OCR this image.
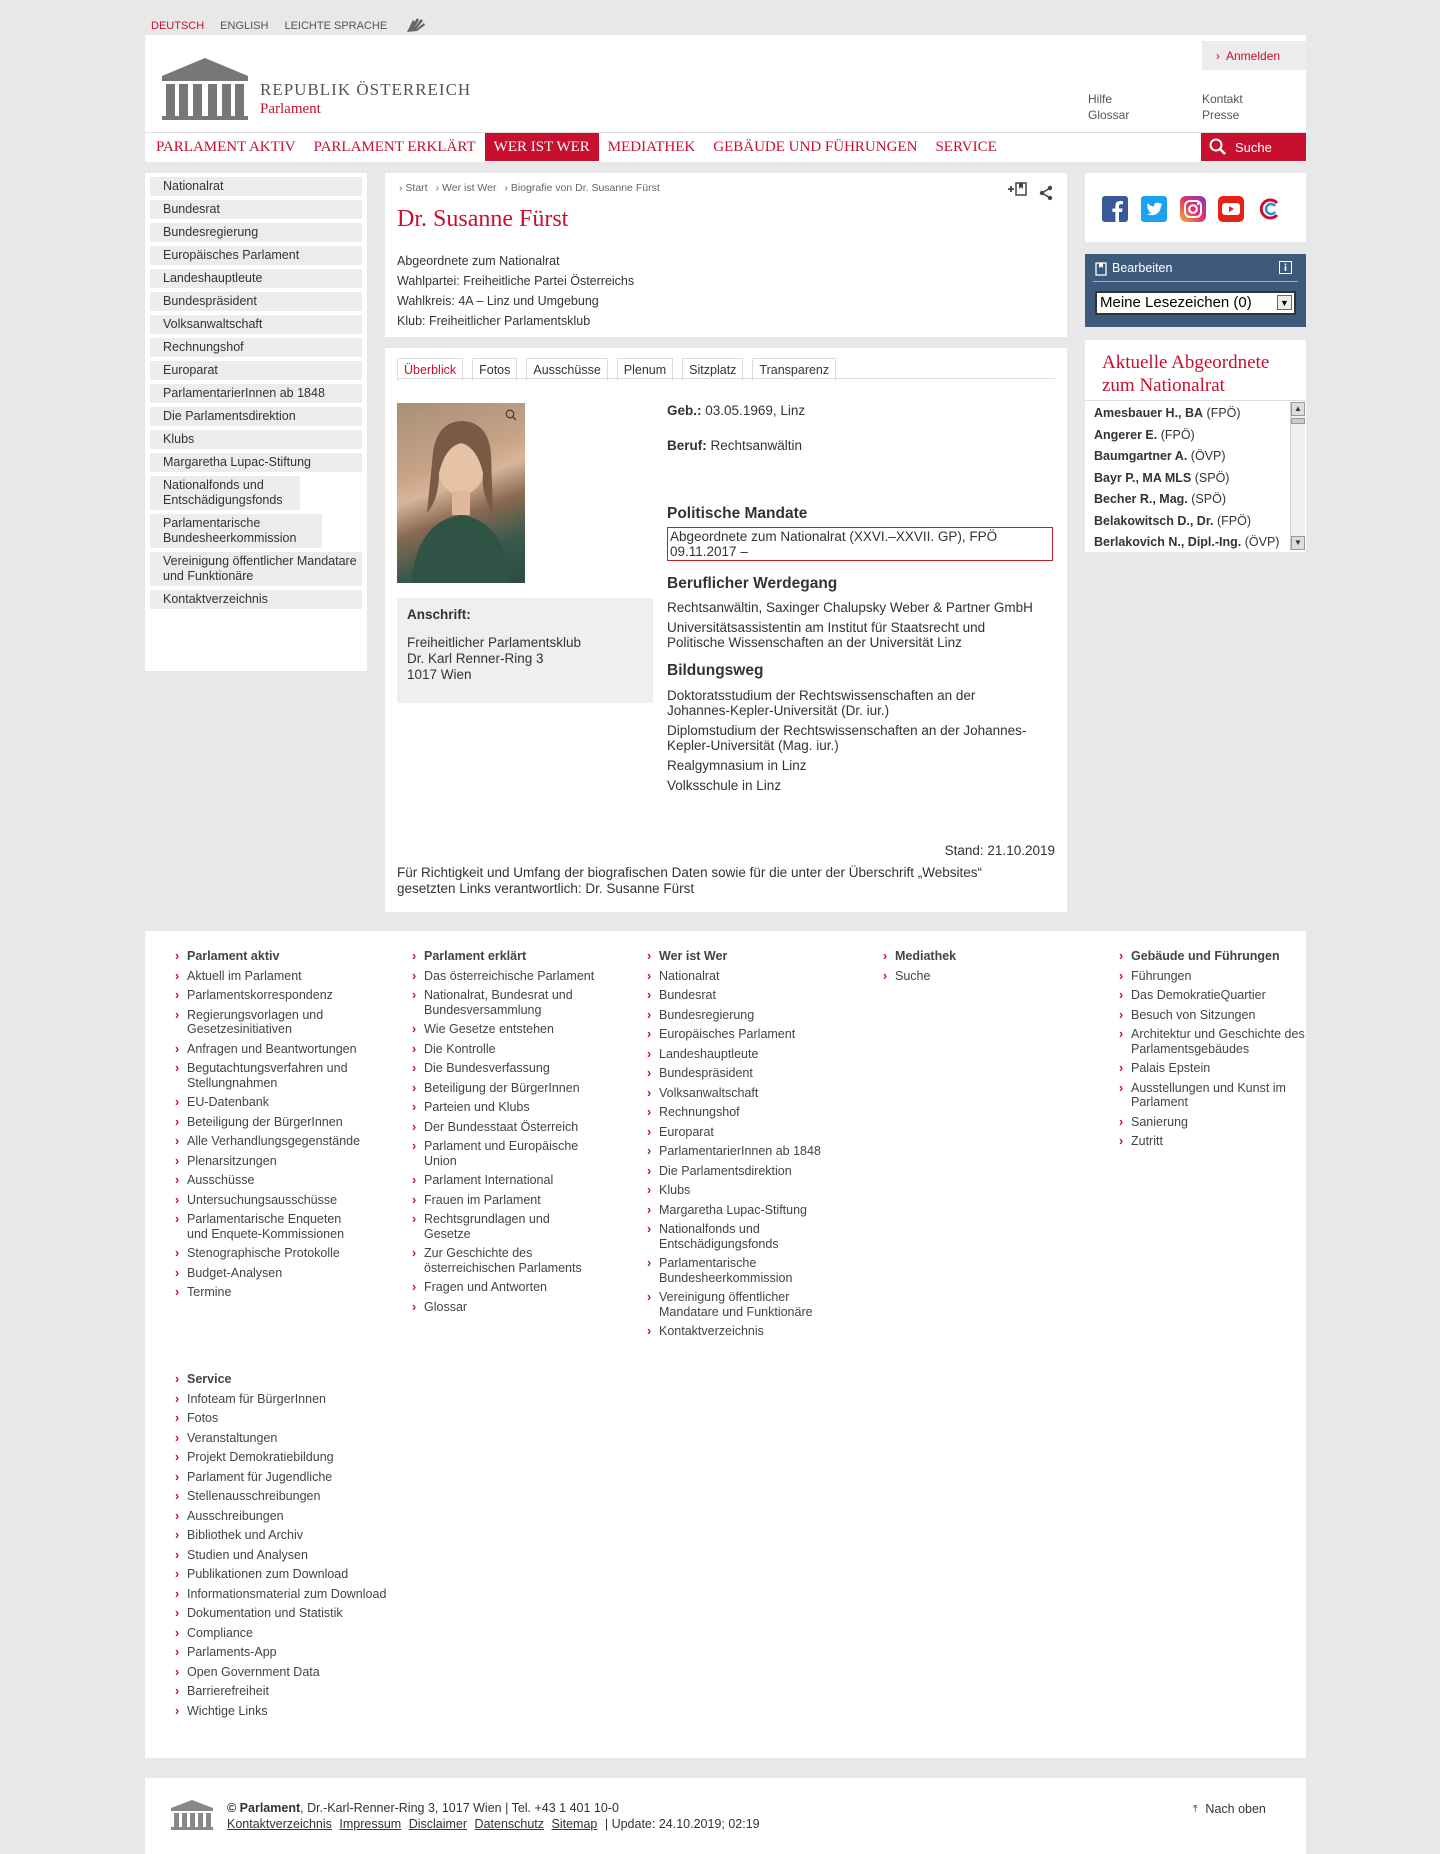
DEUTSCH ENGLISH LEICHTE SPRACHE
REPUBLIK ÖSTERREICH
Parlament
› Anmelden
Hilfe
Glossar
Kontakt
Presse
PARLAMENT AKTIV	PARLAMENT ERKLÄRT	WER IST WER	MEDIATHEK	GEBÄUDE UND FÜHRUNGEN	SERVICE	Suche
Nationalrat
Bundesrat
Bundesregierung
Europäisches Parlament
Landeshauptleute
Bundespräsident
Volksanwaltschaft
Rechnungshof
Europarat
ParlamentarierInnen ab 1848
Die Parlamentsdirektion
Klubs
Margaretha Lupac-Stiftung
Nationalfonds und Entschädigungsfonds
Parlamentarische Bundesheerkommission
Vereinigung öffentlicher Mandatare und Funktionäre
Kontaktverzeichnis
› Start	› Wer ist Wer	› Biografie von Dr. Susanne Fürst
Dr. Susanne Fürst
Abgeordnete zum Nationalrat
Wahlpartei: Freiheitliche Partei Österreichs
Wahlkreis: 4A – Linz und Umgebung
Klub: Freiheitlicher Parlamentsklub
Überblick	Fotos	Ausschüsse	Plenum	Sitzplatz	Transparenz
Anschrift:
Freiheitlicher Parlamentsklub
Dr. Karl Renner-Ring 3
1017 Wien
Geb.: 03.05.1969, Linz
Beruf: Rechtsanwältin
Politische Mandate
Abgeordnete zum Nationalrat (XXVI.–XXVII. GP), FPÖ 09.11.2017 –
Beruflicher Werdegang
Rechtsanwältin, Saxinger Chalupsky Weber & Partner GmbH
Universitätsassistentin am Institut für Staatsrecht und Politische Wissenschaften an der Universität Linz
Bildungsweg
Doktoratsstudium der Rechtswissenschaften an der Johannes-Kepler-Universität (Dr. iur.)
Diplomstudium der Rechtswissenschaften an der Johannes-Kepler-Universität (Mag. iur.)
Realgymnasium in Linz
Volksschule in Linz
Stand: 21.10.2019
Für Richtigkeit und Umfang der biografischen Daten sowie für die unter der Überschrift „Websites“ gesetzten Links verantwortlich: Dr. Susanne Fürst
Bearbeiten
Meine Lesezeichen (0)	▼
Aktuelle Abgeordnete zum Nationalrat
Amesbauer H., BA (FPÖ)
Angerer E. (FPÖ)
Baumgartner A. (ÖVP)
Bayr P., MA MLS (SPÖ)
Becher R., Mag. (SPÖ)
Belakowitsch D., Dr. (FPÖ)
Berlakovich N., Dipl.-Ing. (ÖVP)
▲
▼
› Parlament aktiv
› Aktuell im Parlament
› Parlamentskorrespondenz
› Regierungsvorlagen und Gesetzesinitiativen
› Anfragen und Beantwortungen
› Begutachtungsverfahren und Stellungnahmen
› EU-Datenbank
› Beteiligung der BürgerInnen
› Alle Verhandlungsgegenstände
› Plenarsitzungen
› Ausschüsse
› Untersuchungsausschüsse
› Parlamentarische Enqueten und Enquete-Kommissionen
› Stenographische Protokolle
› Budget-Analysen
› Termine
› Parlament erklärt
› Das österreichische Parlament
› Nationalrat, Bundesrat und Bundesversammlung
› Wie Gesetze entstehen
› Die Kontrolle
› Die Bundesverfassung
› Beteiligung der BürgerInnen
› Parteien und Klubs
› Der Bundesstaat Österreich
› Parlament und Europäische Union
› Parlament International
› Frauen im Parlament
› Rechtsgrundlagen und Gesetze
› Zur Geschichte des österreichischen Parlaments
› Fragen und Antworten
› Glossar
› Wer ist Wer
› Nationalrat
› Bundesrat
› Bundesregierung
› Europäisches Parlament
› Landeshauptleute
› Bundespräsident
› Volksanwaltschaft
› Rechnungshof
› Europarat
› ParlamentarierInnen ab 1848
› Die Parlamentsdirektion
› Klubs
› Margaretha Lupac-Stiftung
› Nationalfonds und Entschädigungsfonds
› Parlamentarische Bundesheerkommission
› Vereinigung öffentlicher Mandatare und Funktionäre
› Kontaktverzeichnis
› Mediathek
› Suche
› Gebäude und Führungen
› Führungen
› Das DemokratieQuartier
› Besuch von Sitzungen
› Architektur und Geschichte des Parlamentsgebäudes
› Palais Epstein
› Ausstellungen und Kunst im Parlament
› Sanierung
› Zutritt
› Service
› Infoteam für BürgerInnen
› Fotos
› Veranstaltungen
› Projekt Demokratiebildung
› Parlament für Jugendliche
› Stellenausschreibungen
› Ausschreibungen
› Bibliothek und Archiv
› Studien und Analysen
› Publikationen zum Download
› Informationsmaterial zum Download
› Dokumentation und Statistik
› Compliance
› Parlaments-App
› Open Government Data
› Barrierefreiheit
› Wichtige Links
© Parlament, Dr.-Karl-Renner-Ring 3, 1017 Wien | Tel. +43 1 401 10-0
Kontaktverzeichnis Impressum Disclaimer Datenschutz Sitemap | Update: 24.10.2019; 02:19
⤒ Nach oben
